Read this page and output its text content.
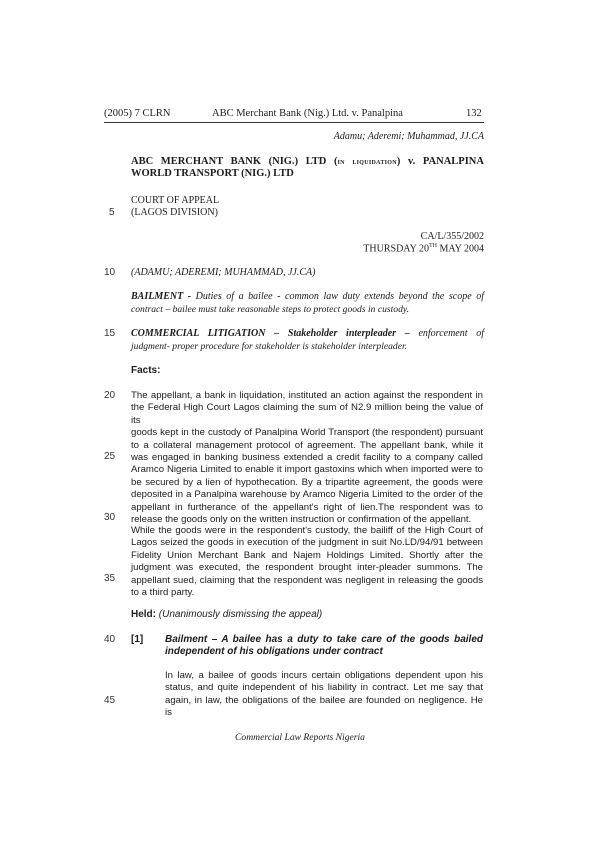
(2005) 7 CLRN	ABC Merchant Bank (Nig.) Ltd. v. Panalpina	132
Adamu; Aderemi; Muhammad, JJ.CA
ABC MERCHANT BANK (NIG.) LTD (in liquidation) v. PANALPINA
WORLD TRANSPORT (NIG.) LTD
COURT OF APPEAL
(LAGOS DIVISION)
CA/L/355/2002
THURSDAY 20TH MAY 2004
(ADAMU; ADEREMI; MUHAMMAD, JJ.CA)
5
10
15
20
25
30
35
40
45
BAILMENT - Duties of a bailee - common law duty extends beyond the scope of
contract – bailee must take reasonable steps to protect goods in custody.
COMMERCIAL LITIGATION – Stakeholder interpleader – enforcement of
judgment- proper procedure for stakeholder is stakeholder interpleader.
Facts:
The appellant, a bank in liquidation, instituted an action against the respondent in
the Federal High Court Lagos claiming the sum of N2.9 million being the value of its
goods kept in the custody of Panalpina World Transport (the respondent) pursuant
to a collateral management protocol of agreement. The appellant bank, while it
was engaged in banking business extended a credit facility to a company called
Aramco Nigeria Limited to enable it import gastoxins which when imported were to
be secured by a lien of hypothecation. By a tripartite agreement, the goods were
deposited in a Panalpina warehouse by Aramco Nigeria Limited to the order of the
appellant in furtherance of the appellant's right of lien.The respondent was to
release the goods only on the written instruction or confirmation of the appellant.
While the goods were in the respondent's custody, the bailiff of the High Court of
Lagos seized the goods in execution of the judgment in suit No.LD/94/91 between
Fidelity Union Merchant Bank and Najem Holdings Limited. Shortly after the
judgment was executed, the respondent brought inter-pleader summons. The
appellant sued, claiming that the respondent was negligent in releasing the goods
to a third party.
Held: (Unanimously dismissing the appeal)
[1] Bailment – A bailee has a duty to take care of the goods bailed
independent of his obligations under contract
In law, a bailee of goods incurs certain obligations dependent upon his
status, and quite independent of his liability in contract. Let me say that
again, in law, the obligations of the bailee are founded on negligence. He is
Commercial Law Reports Nigeria
